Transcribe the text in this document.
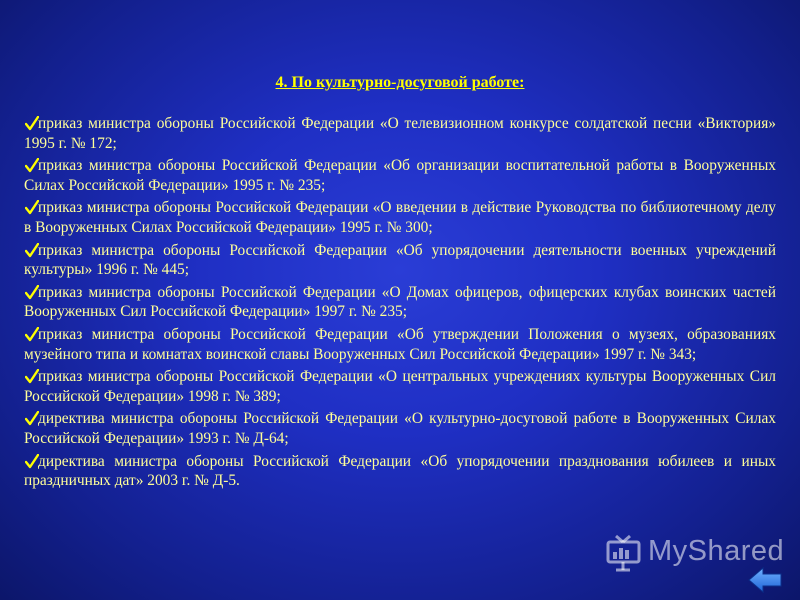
4. По культурно-досуговой работе:
приказ министра обороны Российской Федерации «О телевизионном конкурсе солдатской песни «Виктория» 1995 г. № 172;
приказ министра обороны Российской Федерации «Об организации воспитательной работы в Вооруженных Силах Российской Федерации» 1995 г. № 235;
приказ министра обороны Российской Федерации «О введении в действие Руководства по библиотечному делу в Вооруженных Силах Российской Федерации» 1995 г. № 300;
приказ министра обороны Российской Федерации «Об упорядочении деятельности военных учреждений культуры» 1996 г. № 445;
приказ министра обороны Российской Федерации «О Домах офицеров, офицерских клубах воинских частей Вооруженных Сил Российской Федерации» 1997 г. № 235;
приказ министра обороны Российской Федерации «Об утверждении Положения о музеях, образованиях музейного типа и комнатах воинской славы Вооруженных Сил Российской Федерации» 1997 г. № 343;
приказ министра обороны Российской Федерации «О центральных учреждениях культуры Вооруженных Сил Российской Федерации» 1998 г. № 389;
директива министра обороны Российской Федерации «О культурно-досуговой работе в Вооруженных Силах Российской Федерации» 1993 г. № Д-64;
директива министра обороны Российской Федерации «Об упорядочении празднования юбилеев и иных праздничных дат» 2003 г. № Д-5.
MyShared
